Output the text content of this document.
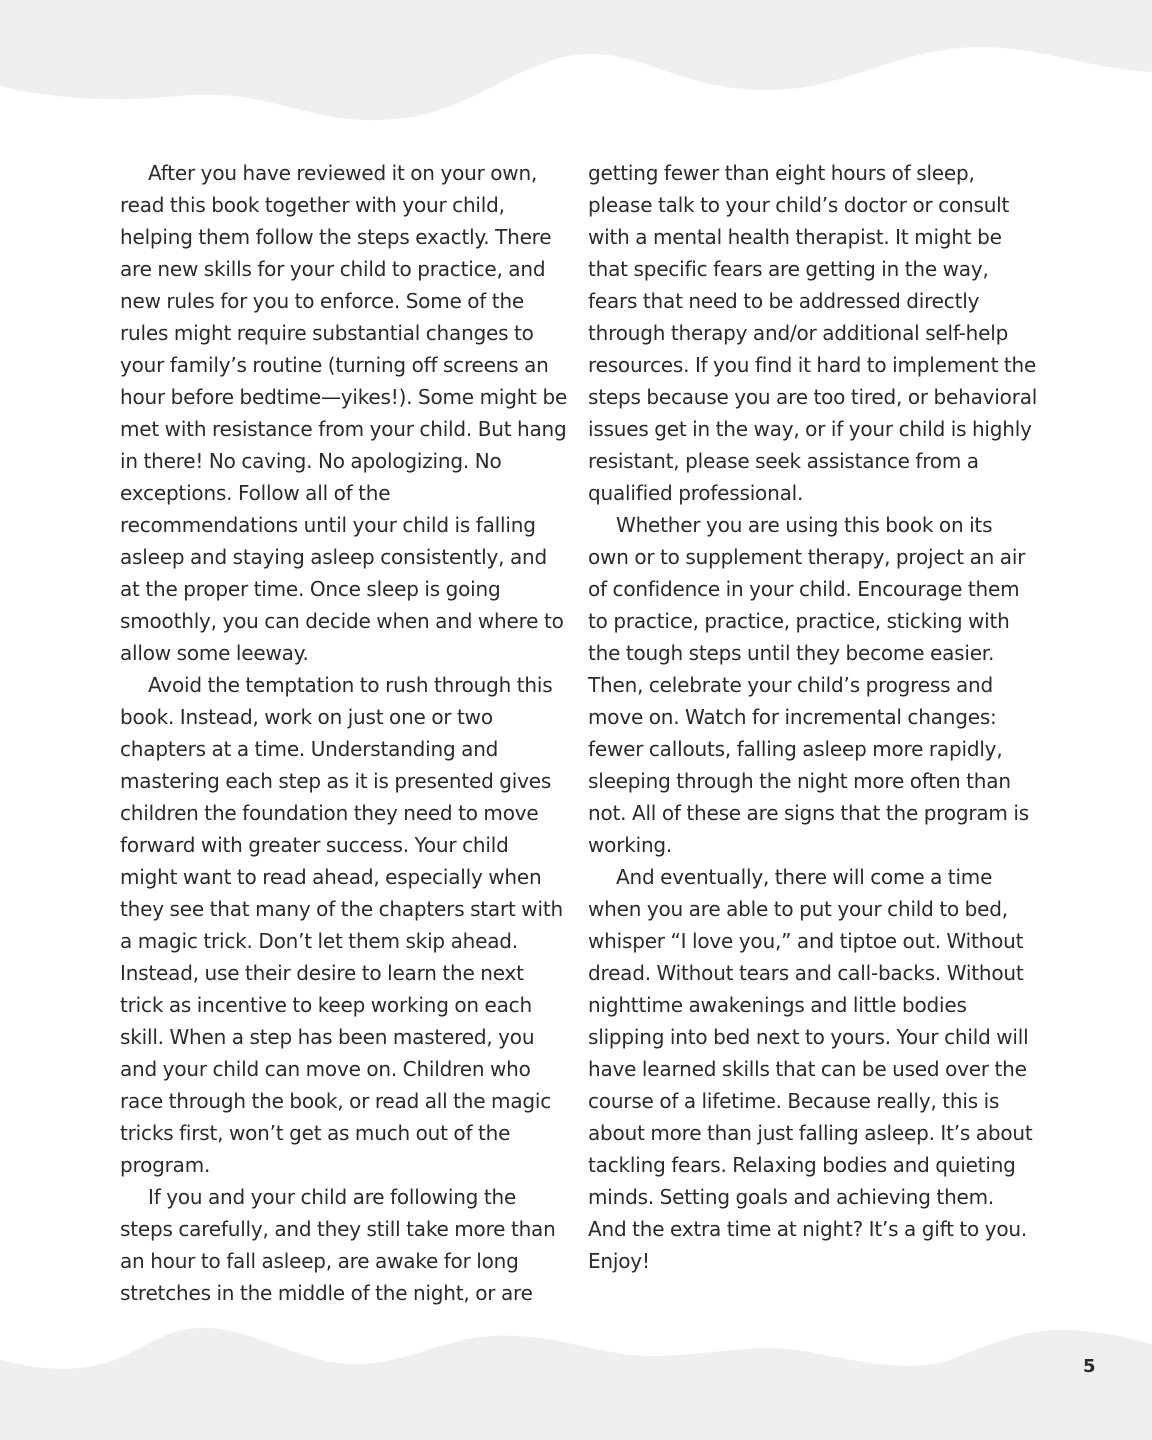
After you have reviewed it on your own, read this book together with your child, helping them follow the steps exactly. There are new skills for your child to practice, and new rules for you to enforce. Some of the rules might require substantial changes to your family’s routine (turning off screens an hour before bedtime—yikes!). Some might be met with resistance from your child. But hang in there! No caving. No apologizing. No exceptions. Follow all of the recommendations until your child is falling asleep and staying asleep consistently, and at the proper time. Once sleep is going smoothly, you can decide when and where to allow some leeway.

Avoid the temptation to rush through this book. Instead, work on just one or two chapters at a time. Understanding and mastering each step as it is presented gives children the foundation they need to move forward with greater success. Your child might want to read ahead, especially when they see that many of the chapters start with a magic trick. Don’t let them skip ahead. Instead, use their desire to learn the next trick as incentive to keep working on each skill. When a step has been mastered, you and your child can move on. Children who race through the book, or read all the magic tricks first, won’t get as much out of the program.

If you and your child are following the steps carefully, and they still take more than an hour to fall asleep, are awake for long stretches in the middle of the night, or are

getting fewer than eight hours of sleep, please talk to your child’s doctor or consult with a mental health therapist. It might be that specific fears are getting in the way, fears that need to be addressed directly through therapy and/or additional self-help resources. If you find it hard to implement the steps because you are too tired, or behavioral issues get in the way, or if your child is highly resistant, please seek assistance from a qualified professional.

Whether you are using this book on its own or to supplement therapy, project an air of confidence in your child. Encourage them to practice, practice, practice, sticking with the tough steps until they become easier. Then, celebrate your child’s progress and move on. Watch for incremental changes: fewer callouts, falling asleep more rapidly, sleeping through the night more often than not. All of these are signs that the program is working.

And eventually, there will come a time when you are able to put your child to bed, whisper “I love you,” and tiptoe out. Without dread. Without tears and call-backs. Without nighttime awakenings and little bodies slipping into bed next to yours. Your child will have learned skills that can be used over the course of a lifetime. Because really, this is about more than just falling asleep. It’s about tackling fears. Relaxing bodies and quieting minds. Setting goals and achieving them. And the extra time at night? It’s a gift to you. Enjoy!

5
